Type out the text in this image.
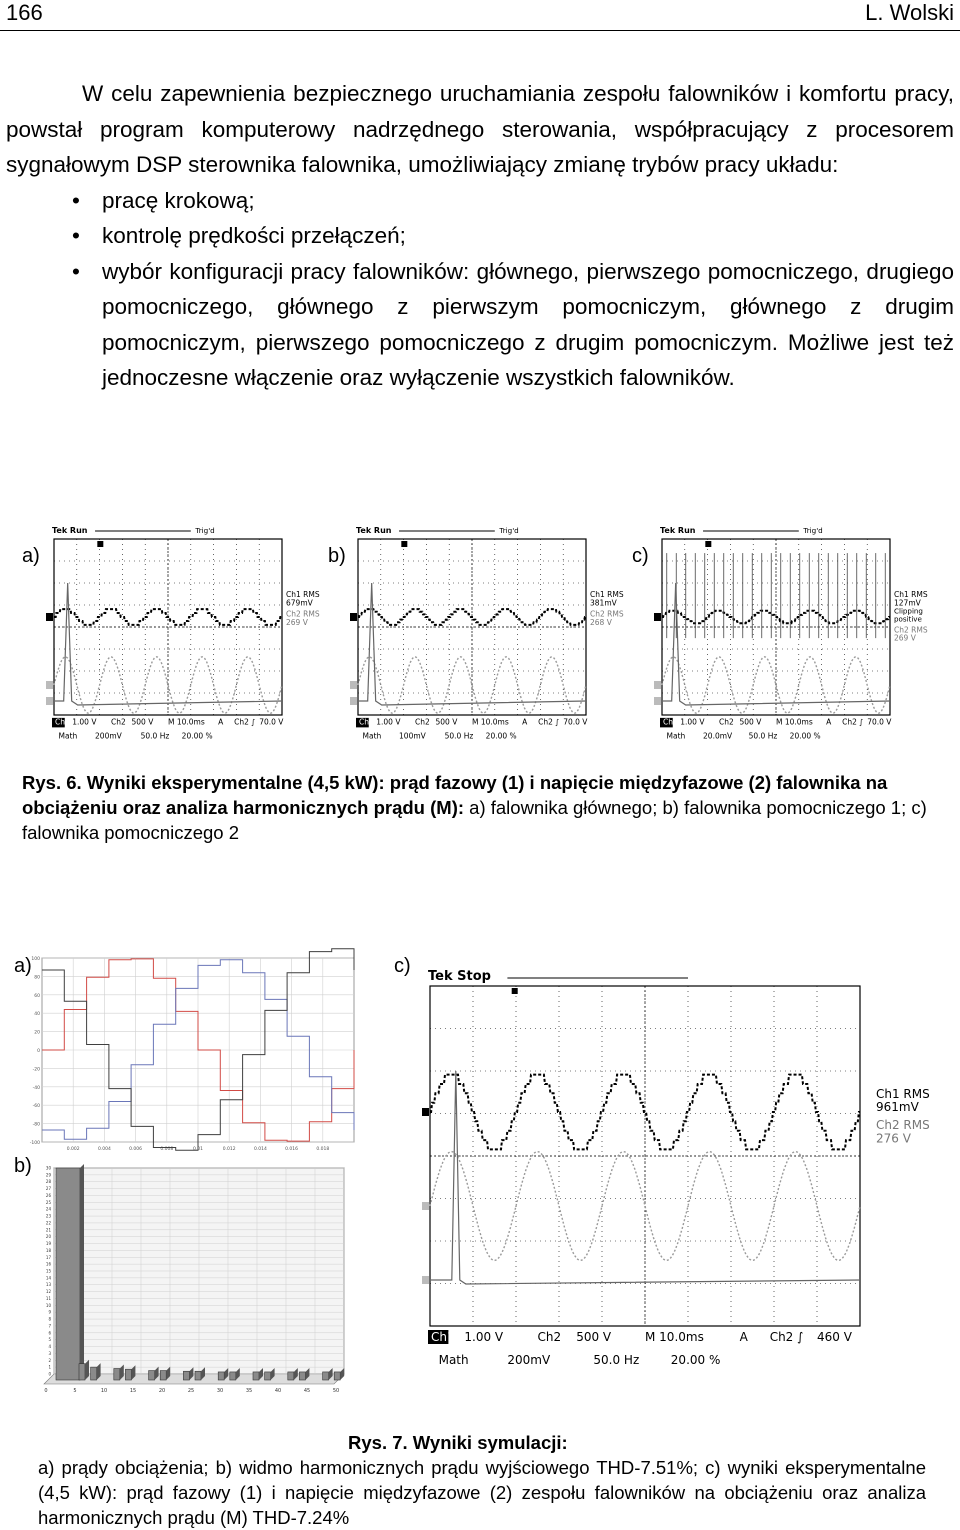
166	L. Wolski

W celu zapewnienia bezpiecznego uruchamiania zespołu falowników i komfortu pracy, powstał program komputerowy nadrzędnego sterowania, współpracujący z procesorem sygnałowym DSP sterownika falownika, umożliwiający zmianę trybów pracy układu:

• pracę krokową;
• kontrolę prędkości przełączeń;
• wybór konfiguracji pracy falowników: głównego, pierwszego pomocniczego, drugiego pomocniczego, głównego z pierwszym pomocniczym, głównego z drugim pomocniczym, pierwszego pomocniczego z drugim pomocniczym. Możliwe jest też jednoczesne włączenie oraz wyłączenie wszystkich falowników.
a)	b)	c)
Tek Run	Trig'd
Ch1 RMS
679mV
Ch2 RMS
269 V
Ch1 1.00 V Ch2 500 V M 10.0ms A Ch2 ∫ 70.0 V
Math 200mV	50.0 Hz 20.00 %
Tek Run	Trig'd
Ch1 RMS
381mV
Ch2 RMS
268 V
Ch1 1.00 V Ch2 500 V M 10.0ms A Ch2 ∫ 70.0 V
Math 100mV	50.0 Hz 20.00 %
Tek Run	Trig'd
Ch1 RMS
127mV
Clipping
positive
Ch2 RMS
269 V
Ch1 1.00 V Ch2 500 V M 10.0ms A Ch2 ∫ 70.0 V
Math 20.0mV 50.0 Hz 20.00 %
Rys. 6. Wyniki eksperymentalne (4,5 kW): prąd fazowy (1) i napięcie międzyfazowe (2) falownika na obciążeniu oraz analiza harmonicznych prądu (M): a) falownika głównego; b) falownika pomocniczego 1; c) falownika pomocniczego 2
a)
b)
c)
100
80
60
40
20
0
-20
-40
-60
-80
-100
0.002	0.004	0.006	0.008	0.01	0.012	0.014	0.016	0.018
30
29
28
27
26
25
24
23
22
21
20
19
18
17
16
15
14
13
12
11
10
9
8
7
6
5
4
3
2
1
0
0	5	10	15	20	25	30	35	40	45	50
Tek Stop
Ch1 RMS
961mV
Ch2 RMS
276 V
Ch1 1.00 V	Ch2 500 V	M 10.0ms	A Ch2 ∫ 460 V
Math	200mV	50.0 Hz	20.00 %
Rys. 7. Wyniki symulacji:
a) prądy obciążenia; b) widmo harmonicznych prądu wyjściowego THD-7.51%; c) wyniki eksperymentalne (4,5 kW): prąd fazowy (1) i napięcie międzyfazowe (2) zespołu falowników na obciążeniu oraz analiza harmonicznych prądu (M) THD-7.24%
